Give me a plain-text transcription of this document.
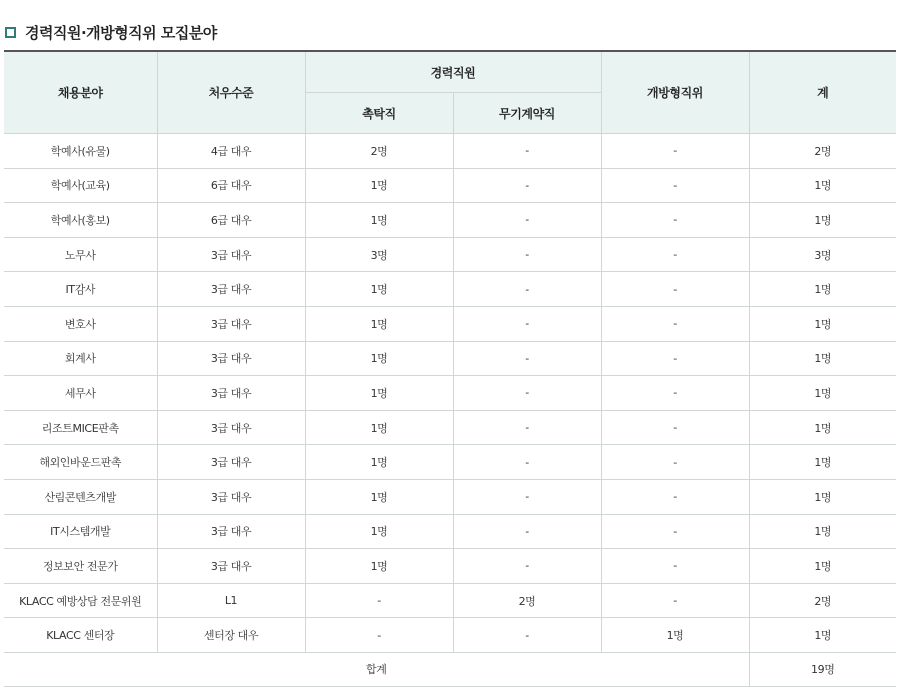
경력직원·개방형직위 모집분야
채용분야	처우수준	경력직원		개방형직위	계
		촉탁직	무기계약직		
학예사(유물)	4급 대우	2명	-	-	2명
학예사(교육)	6급 대우	1명	-	-	1명
학예사(홍보)	6급 대우	1명	-	-	1명
노무사	3급 대우	3명	-	-	3명
IT감사	3급 대우	1명	-	-	1명
변호사	3급 대우	1명	-	-	1명
회계사	3급 대우	1명	-	-	1명
세무사	3급 대우	1명	-	-	1명
리조트MICE판촉	3급 대우	1명	-	-	1명
해외인바운드판촉	3급 대우	1명	-	-	1명
산림콘텐츠개발	3급 대우	1명	-	-	1명
IT시스템개발	3급 대우	1명	-	-	1명
정보보안 전문가	3급 대우	1명	-	-	1명
KLACC 예방상담 전문위원	L1	-	2명	-	2명
KLACC 센터장	센터장 대우	-	-	1명	1명
합계					19명
